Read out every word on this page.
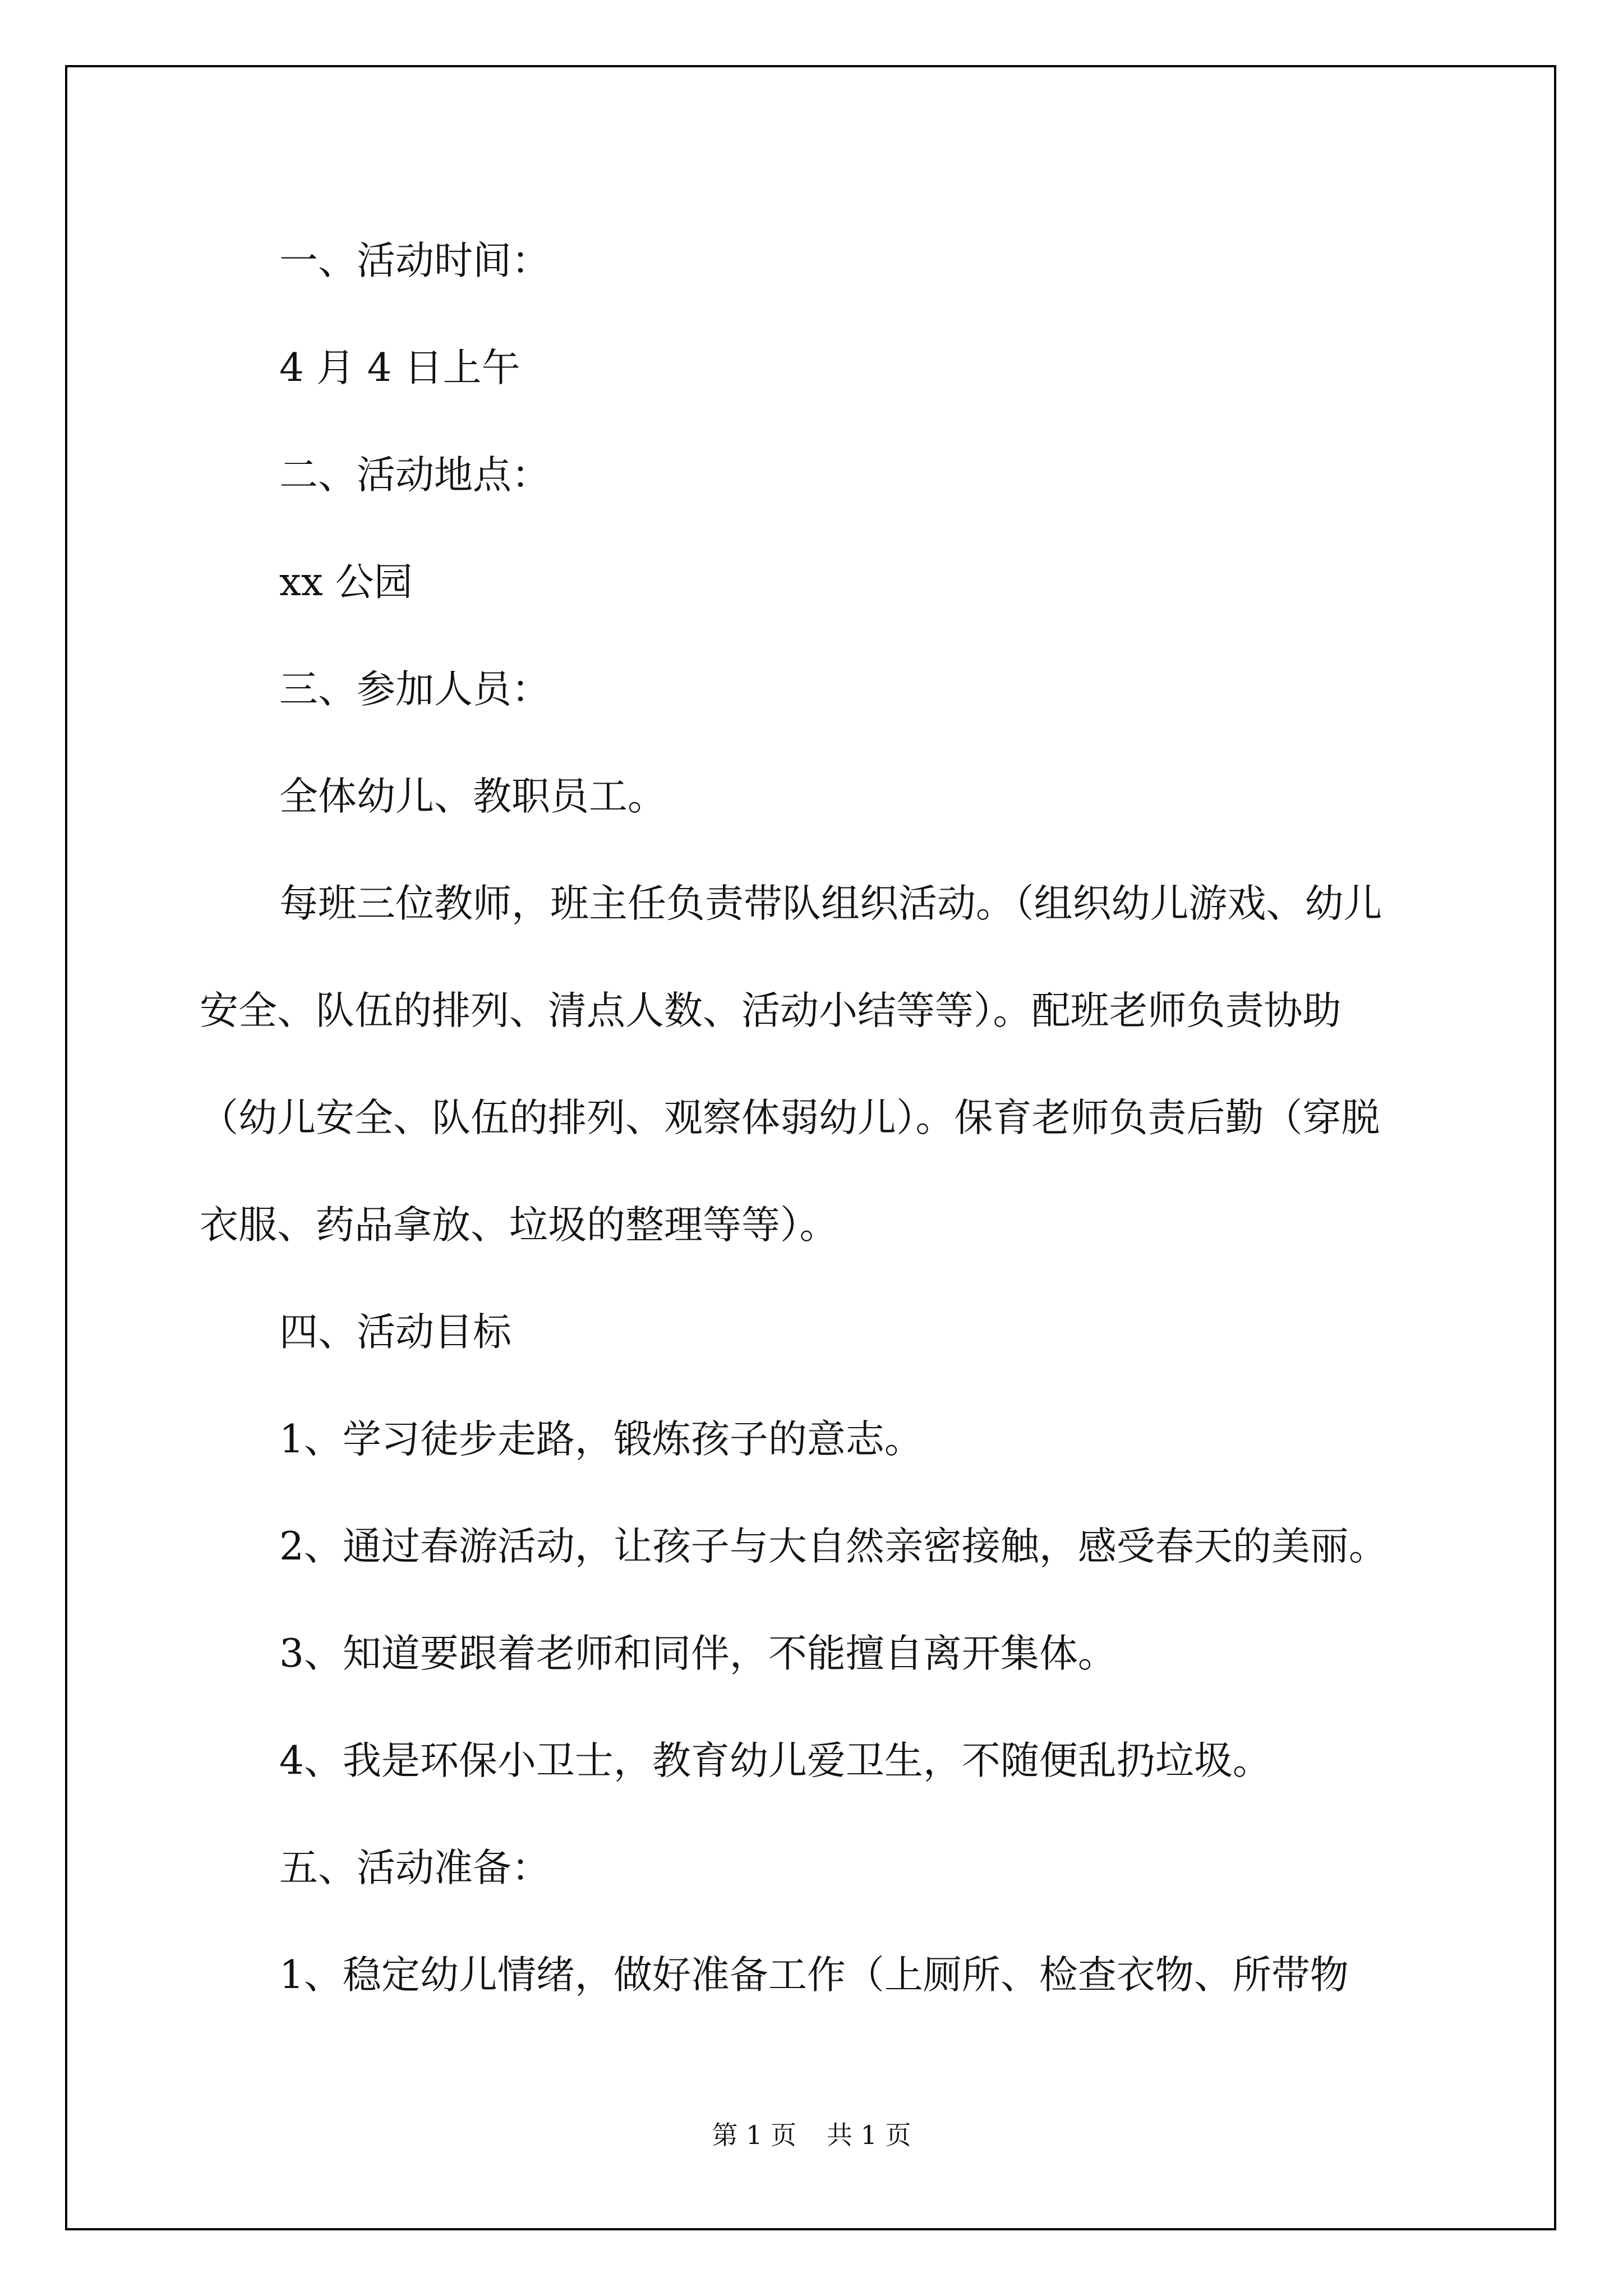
一、活动时间：

4 月 4 日上午

二、活动地点：

xx 公园

三、参加人员：

全体幼儿、教职员工。

每班三位教师，班主任负责带队组织活动。（组织幼儿游戏、幼儿

安全、队伍的排列、清点人数、活动小结等等）。配班老师负责协助

（幼儿安全、队伍的排列、观察体弱幼儿）。保育老师负责后勤（穿脱

衣服、药品拿放、垃圾的整理等等）。

四、活动目标

1、学习徒步走路，锻炼孩子的意志。

2、通过春游活动，让孩子与大自然亲密接触，感受春天的美丽。

3、知道要跟着老师和同伴，不能擅自离开集体。

4、我是环保小卫士，教育幼儿爱卫生，不随便乱扔垃圾。

五、活动准备：

1、稳定幼儿情绪，做好准备工作（上厕所、检查衣物、所带物

第 1 页 共 1 页
